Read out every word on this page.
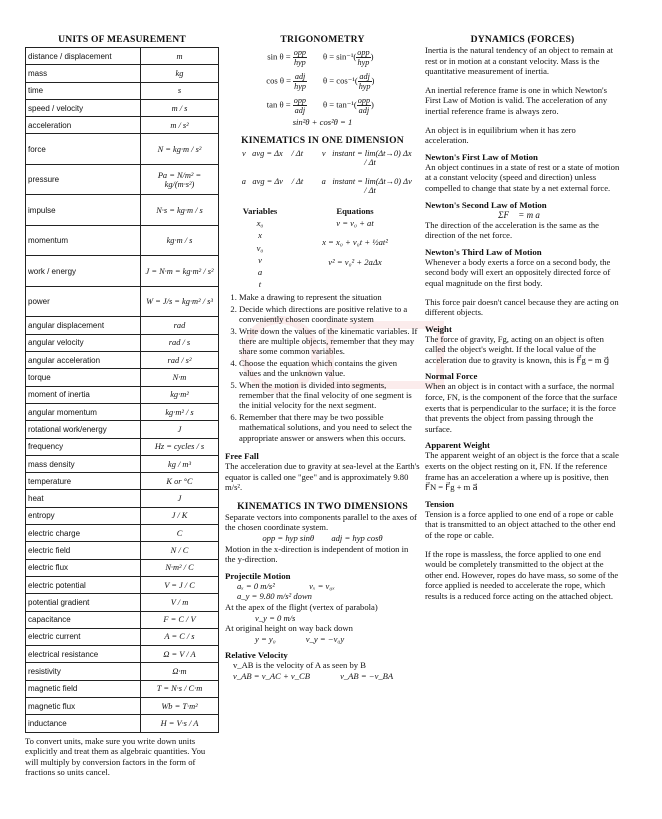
UNITS OF MEASUREMENT
distance / displacement	m
mass	kg
time	s
speed / velocity	m / s
acceleration	m / s²
force	N = kg·m / s²
pressure	Pa = N/m² = kg/(m·s²)
impulse	N·s = kg·m / s
momentum	kg·m / s
work / energy	J = N·m = kg·m² / s²
power	W = J/s = kg·m² / s³
angular displacement	rad
angular velocity	rad / s
angular acceleration	rad / s²
torque	N·m
moment of inertia	kg·m²
angular momentum	kg·m² / s
rotational work/energy	J
frequency	Hz = cycles / s
mass density	kg / m³
temperature	K or °C
heat	J
entropy	J / K
electric charge	C
electric field	N / C
electric flux	N·m² / C
electric potential	V = J / C
potential gradient	V / m
capacitance	F = C / V
electric current	A = C / s
electrical resistance	Ω = V / A
resistivity	Ω·m
magnetic field	T = N·s / C·m
magnetic flux	Wb = T·m²
inductance	H = V·s / A
To convert units, make sure you write down units explicitly and treat them as algebraic quantities. You will multiply by conversion factors in the form of fractions so units cancel.
TRIGONOMETRY
sin θ = opp
hyp
θ = sin⁻¹( opp
hyp
)
cos θ = adj
hyp
θ = cos⁻¹( adj
hyp
)
tan θ = opp
adj
θ = tan⁻¹( opp
adj
)
sin²θ + cos²θ = 1
KINEMATICS IN ONE DIMENSION
v⃗avg = Δx⃗ / Δt	v⃗instant = lim(Δt→0) Δx⃗ / Δt
a⃗avg = Δv⃗ / Δt	a⃗instant = lim(Δt→0) Δv⃗ / Δt
Variables
x₀
x
v₀
v
a
t
Equations
v = v₀ + at
x = x₀ + v₀t + ½at²
v² = v₀² + 2aΔx
1. Make a drawing to represent the situation
2. Decide which directions are positive relative to a conveniently chosen coordinate system
3. Write down the values of the kinematic variables. If there are multiple objects, remember that they may share some common variables.
4. Choose the equation which contains the given values and the unknown value.
5. When the motion is divided into segments, remember that the final velocity of one segment is the initial velocity for the next segment.
6. Remember that there may be two possible mathematical solutions, and you need to select the appropriate answer or answers when this occurs.
Free Fall
The acceleration due to gravity at sea-level at the Earth's equator is called one "gee" and is approximately 9.80 m/s².
KINEMATICS IN TWO DIMENSIONS
Separate vectors into components parallel to the axes of the chosen coordinate system.
opp = hyp sinθ        adj = hyp cosθ
Motion in the x-direction is independent of motion in the y-direction.
Projectile Motion
aₓ = 0 m/s²                vₓ = v₀ₓ
a_y = 9.80 m/s² down
At the apex of the flight (vertex of parabola)
v_y = 0 m/s
At original height on way back down
y = y₀              v_y = −v₀y
Relative Velocity
v_AB is the velocity of A as seen by B
v_AB = v_AC + v_CB              v_AB = −v_BA
DYNAMICS (FORCES)

Inertia is the natural tendency of an object to remain at rest or in motion at a constant velocity. Mass is the quantitative measurement of inertia.

An inertial reference frame is one in which Newton's First Law of Motion is valid. The acceleration of any inertial reference frame is always zero.

An object is in equilibrium when it has zero acceleration.

Newton's First Law of Motion

An object continues in a state of rest or a state of motion at a constant velocity (speed and direction) unless compelled to change that state by a net external force.

Newton's Second Law of Motion
ΣF⃗ = m a⃗

The direction of the acceleration is the same as the direction of the net force.

Newton's Third Law of Motion

Whenever a body exerts a force on a second body, the second body will exert an oppositely directed force of equal magnitude on the first body.

This force pair doesn't cancel because they are acting on different objects.

Weight

The force of gravity, Fg, acting on an object is often called the object's weight. If the local value of the acceleration due to gravity is known, this is F⃗g = m g⃗

Normal Force

When an object is in contact with a surface, the normal force, FN, is the component of the force that the surface exerts that is perpendicular to the surface; it is the force that prevents the object from passing through the surface.

Apparent Weight

The apparent weight of an object is the force that a scale exerts on the object resting on it, FN. If the reference frame has an acceleration a where up is positive, then F⃗N = F⃗g + m a⃗

Tension

Tension is a force applied to one end of a rope or cable that is transmitted to an object attached to the other end of the rope or cable.

If the rope is massless, the force applied to one end would be completely transmitted to the object at the other end. However, ropes do have mass, so some of the force applied is needed to accelerate the rope, which results is a reduced force acting on the attached object.
